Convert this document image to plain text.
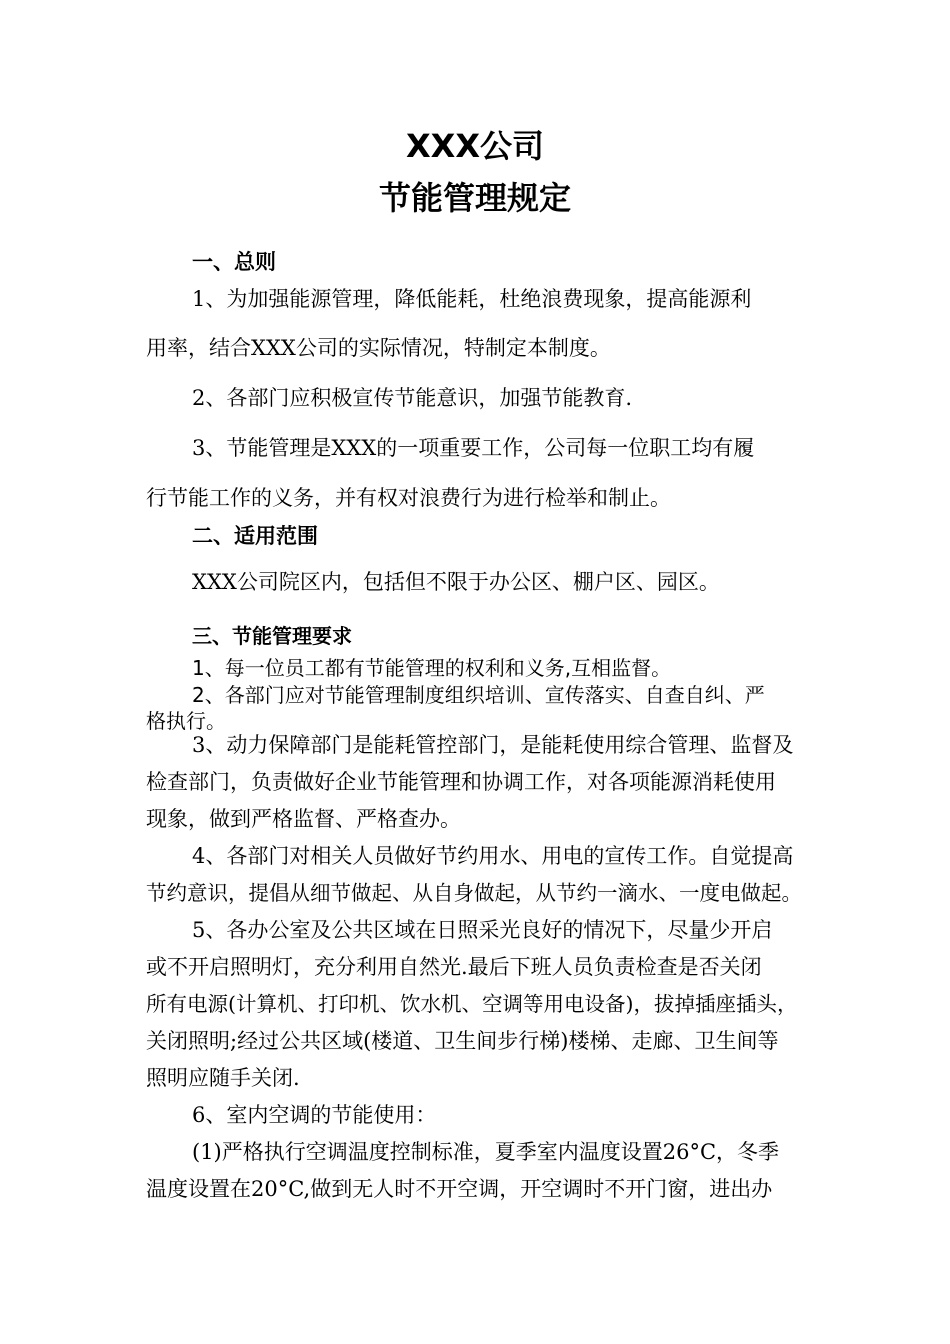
XXX公司
节能管理规定
一、总则
1、为加强能源管理，降低能耗，杜绝浪费现象，提高能源利
用率，结合XXX公司的实际情况，特制定本制度。
2、各部门应积极宣传节能意识，加强节能教育.
3、节能管理是XXX的一项重要工作，公司每一位职工均有履
行节能工作的义务，并有权对浪费行为进行检举和制止。
二、适用范围
XXX公司院区内，包括但不限于办公区、棚户区、园区。
三、节能管理要求
1、每一位员工都有节能管理的权利和义务,互相监督。
2、各部门应对节能管理制度组织培训、宣传落实、自查自纠、严
格执行。
3、动力保障部门是能耗管控部门，是能耗使用综合管理、监督及
检查部门，负责做好企业节能管理和协调工作，对各项能源消耗使用
现象，做到严格监督、严格查办。
4、各部门对相关人员做好节约用水、用电的宣传工作。自觉提高
节约意识，提倡从细节做起、从自身做起，从节约一滴水、一度电做起。
5、各办公室及公共区域在日照采光良好的情况下，尽量少开启
或不开启照明灯，充分利用自然光.最后下班人员负责检查是否关闭
所有电源(计算机、打印机、饮水机、空调等用电设备)，拔掉插座插头，
关闭照明;经过公共区域(楼道、卫生间步行梯)楼梯、走廊、卫生间等
照明应随手关闭.
6、室内空调的节能使用：
(1)严格执行空调温度控制标准，夏季室内温度设置26°C，冬季
温度设置在20°C,做到无人时不开空调，开空调时不开门窗，进出办
